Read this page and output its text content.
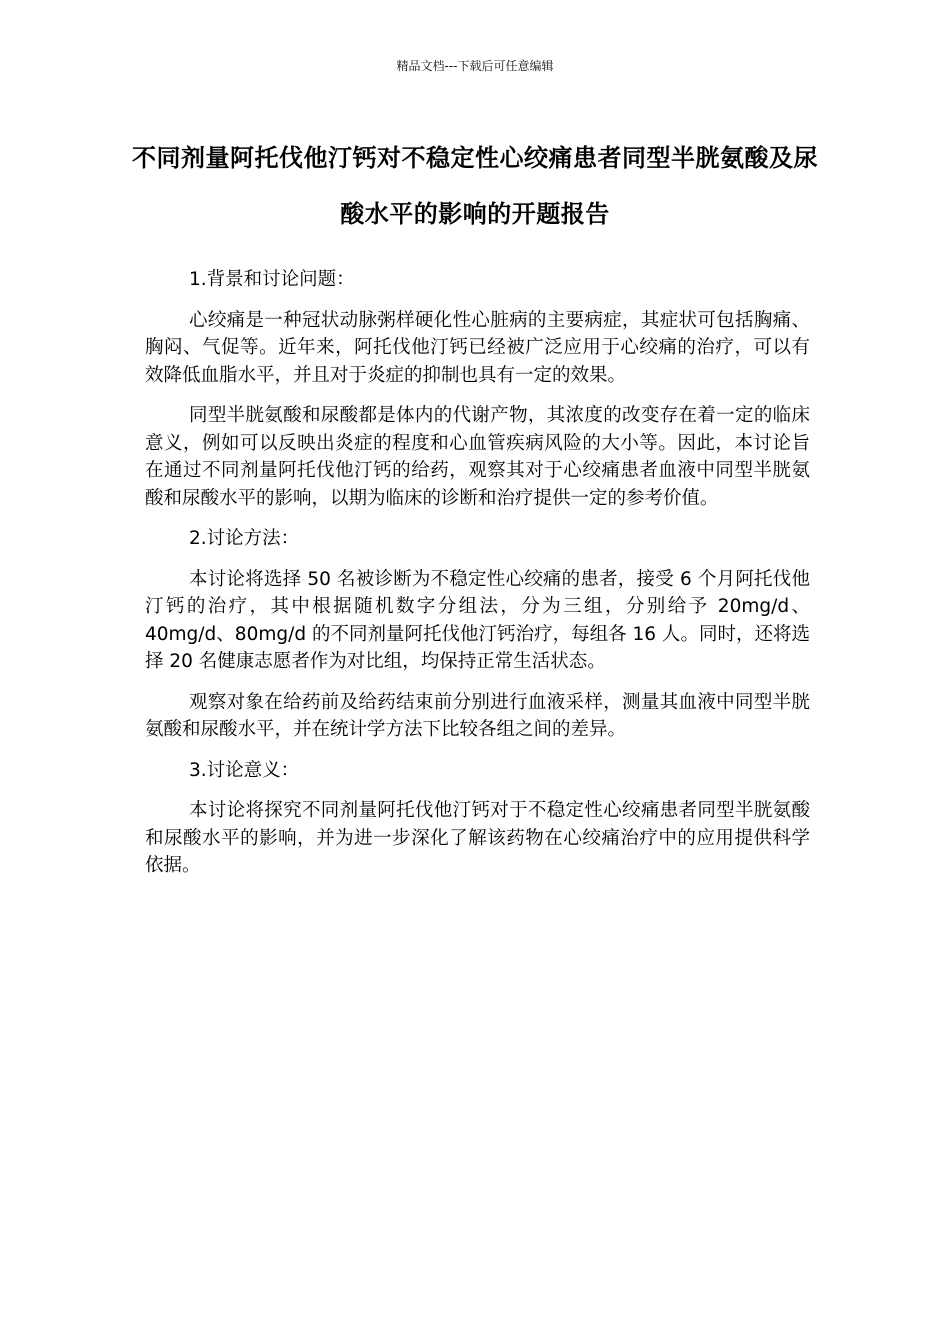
精品文档---下载后可任意编辑
不同剂量阿托伐他汀钙对不稳定性心绞痛患者同型半胱氨酸及尿酸水平的影响的开题报告

1.背景和讨论问题：

心绞痛是一种冠状动脉粥样硬化性心脏病的主要病症，其症状可包括胸痛、胸闷、气促等。近年来，阿托伐他汀钙已经被广泛应用于心绞痛的治疗，可以有效降低血脂水平，并且对于炎症的抑制也具有一定的效果。

同型半胱氨酸和尿酸都是体内的代谢产物，其浓度的改变存在着一定的临床意义，例如可以反映出炎症的程度和心血管疾病风险的大小等。因此，本讨论旨在通过不同剂量阿托伐他汀钙的给药，观察其对于心绞痛患者血液中同型半胱氨酸和尿酸水平的影响，以期为临床的诊断和治疗提供一定的参考价值。

2.讨论方法：

本讨论将选择 50 名被诊断为不稳定性心绞痛的患者，接受 6 个月阿托伐他汀钙的治疗，其中根据随机数字分组法，分为三组，分别给予 20mg/d、40mg/d、80mg/d 的不同剂量阿托伐他汀钙治疗，每组各 16 人。同时，还将选择 20 名健康志愿者作为对比组，均保持正常生活状态。

观察对象在给药前及给药结束前分别进行血液采样，测量其血液中同型半胱氨酸和尿酸水平，并在统计学方法下比较各组之间的差异。

3.讨论意义：

本讨论将探究不同剂量阿托伐他汀钙对于不稳定性心绞痛患者同型半胱氨酸和尿酸水平的影响，并为进一步深化了解该药物在心绞痛治疗中的应用提供科学依据。
